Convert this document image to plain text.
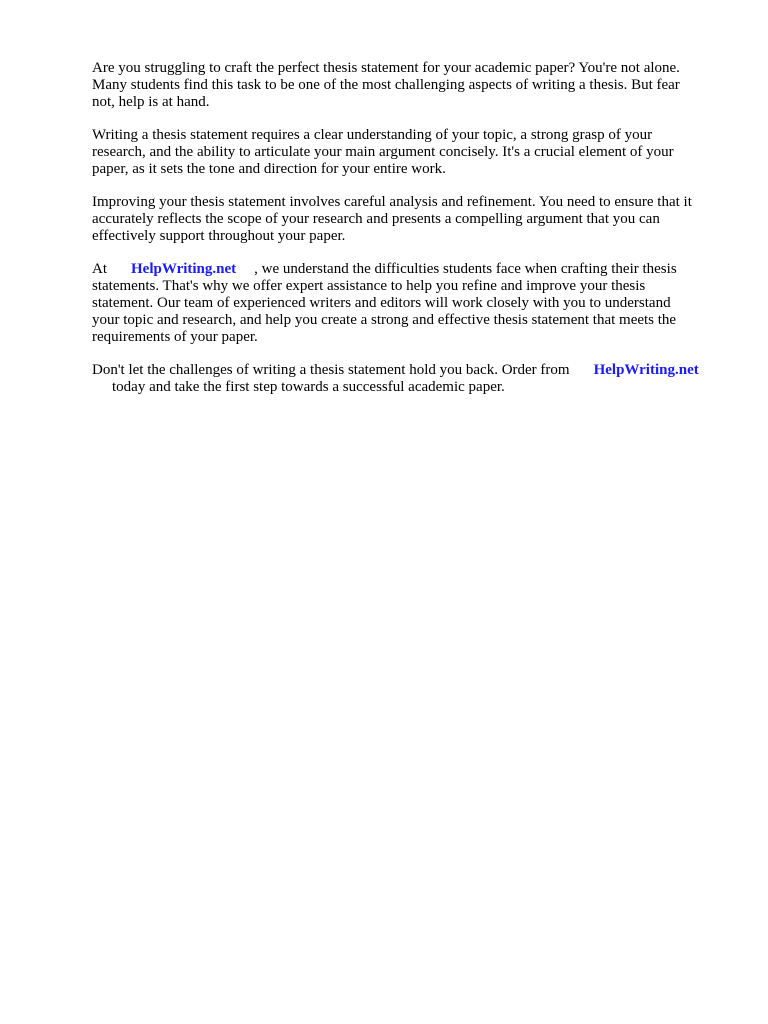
Are you struggling to craft the perfect thesis statement for your academic paper? You're not alone.
Many students find this task to be one of the most challenging aspects of writing a thesis. But fear
not, help is at hand.

Writing a thesis statement requires a clear understanding of your topic, a strong grasp of your
research, and the ability to articulate your main argument concisely. It's a crucial element of your
paper, as it sets the tone and direction for your entire work.

Improving your thesis statement involves careful analysis and refinement. You need to ensure that it
accurately reflects the scope of your research and presents a compelling argument that you can
effectively support throughout your paper.

At HelpWriting.net , we understand the difficulties students face when crafting their thesis
statements. That's why we offer expert assistance to help you refine and improve your thesis
statement. Our team of experienced writers and editors will work closely with you to understand
your topic and research, and help you create a strong and effective thesis statement that meets the
requirements of your paper.

Don't let the challenges of writing a thesis statement hold you back. Order from HelpWriting.net
today and take the first step towards a successful academic paper.
